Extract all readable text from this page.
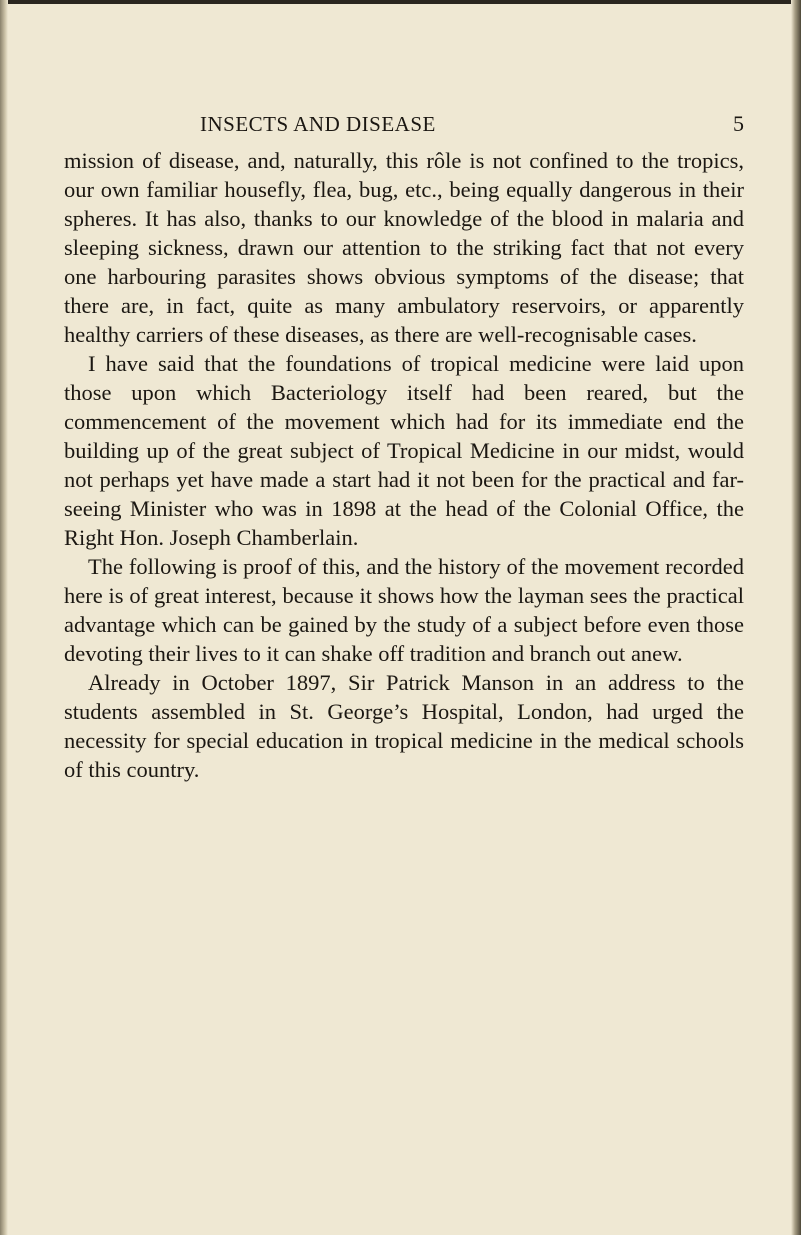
INSECTS AND DISEASE	5

mission of disease, and, naturally, this rôle is not confined to the tropics, our own familiar housefly, flea, bug, etc., being equally dangerous in their spheres. It has also, thanks to our knowledge of the blood in malaria and sleeping sickness, drawn our attention to the striking fact that not every one harbouring parasites shows obvious symptoms of the disease; that there are, in fact, quite as many ambulatory reservoirs, or apparently healthy carriers of these diseases, as there are well-recognisable cases.

I have said that the foundations of tropical medicine were laid upon those upon which Bacteriology itself had been reared, but the commencement of the movement which had for its immediate end the building up of the great subject of Tropical Medicine in our midst, would not perhaps yet have made a start had it not been for the practical and far-seeing Minister who was in 1898 at the head of the Colonial Office, the Right Hon. Joseph Chamberlain.

The following is proof of this, and the history of the movement recorded here is of great interest, because it shows how the layman sees the practical advantage which can be gained by the study of a subject before even those devoting their lives to it can shake off tradition and branch out anew.

Already in October 1897, Sir Patrick Manson in an address to the students assembled in St. George’s Hospital, London, had urged the necessity for special education in tropical medicine in the medical schools of this country.
